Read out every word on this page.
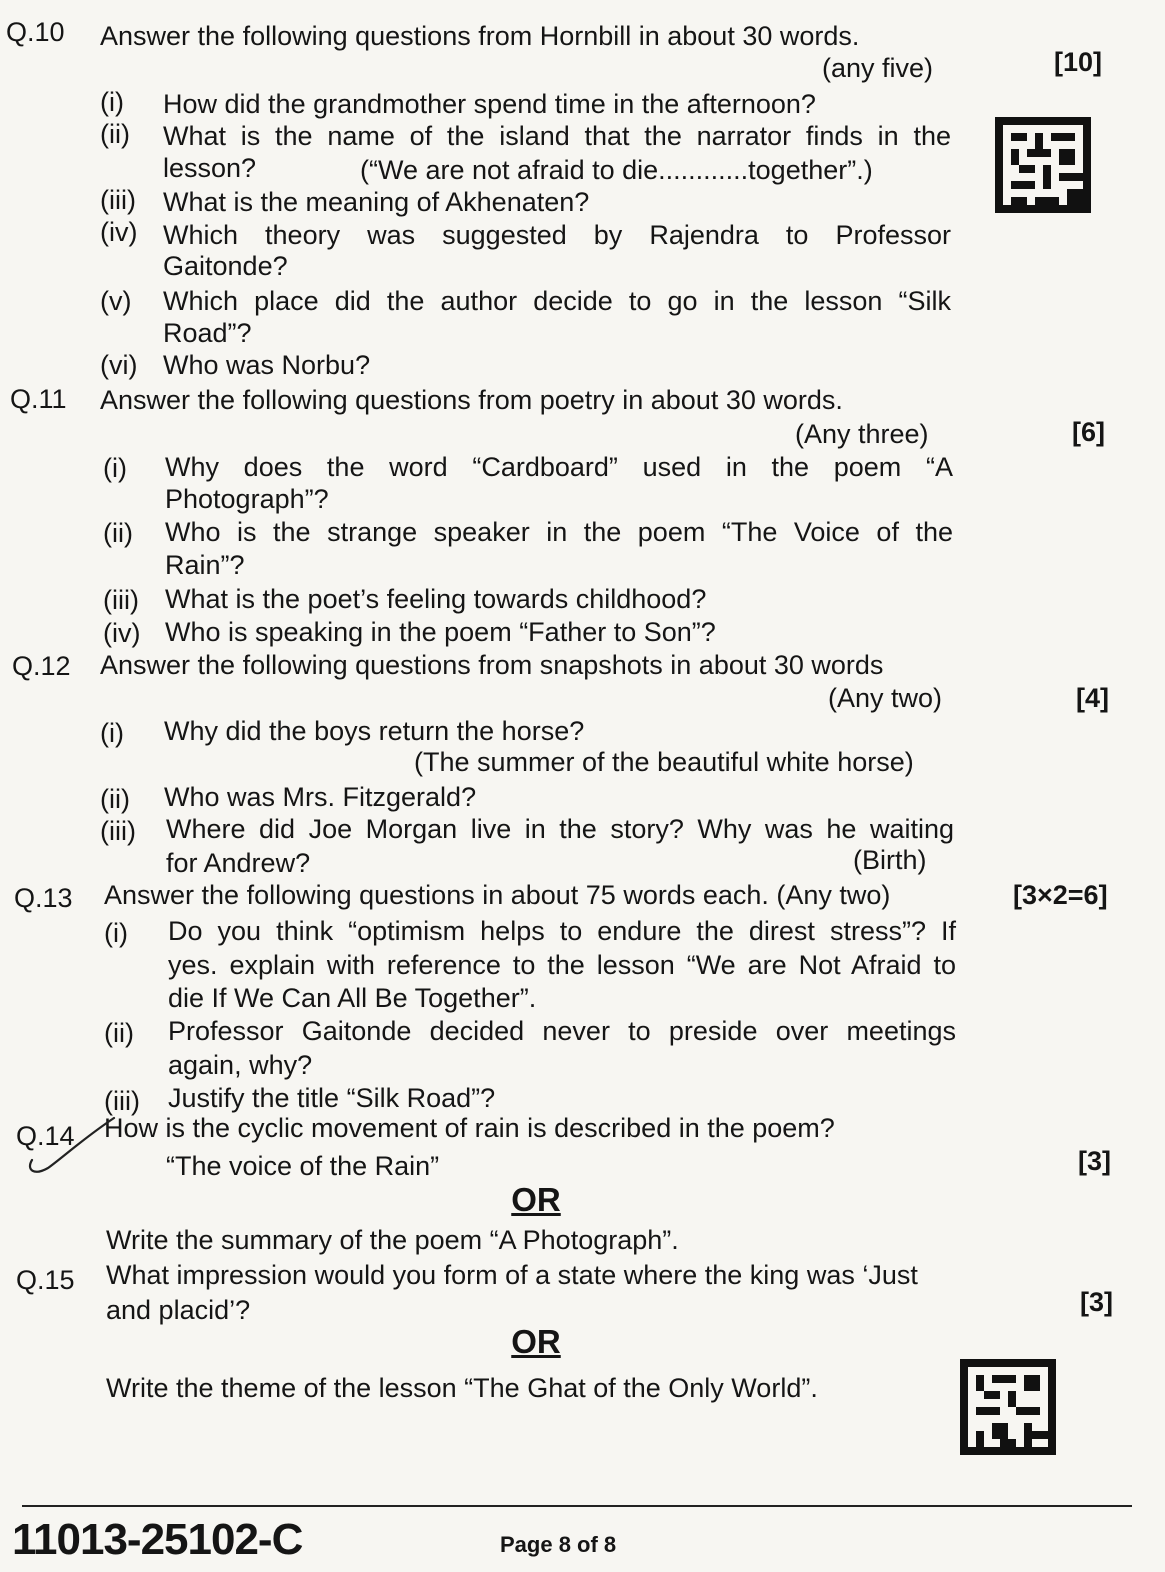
Q.10 Answer the following questions from Hornbill in about 30 words.
(any five)	[10]
(i) How did the grandmother spend time in the afternoon?
(ii) What is the name of the island that the narrator finds in the
lesson?	(“We are not afraid to die............together”.)
(iii) What is the meaning of Akhenaten?
(iv) Which theory was suggested by Rajendra to Professor
Gaitonde?
(v) Which place did the author decide to go in the lesson “Silk
Road”?
(vi) Who was Norbu?
Q.11 Answer the following questions from poetry in about 30 words.
(Any three)	[6]
(i) Why does the word “Cardboard” used in the poem “A
Photograph”?
(ii) Who is the strange speaker in the poem “The Voice of the
Rain”?
(iii) What is the poet’s feeling towards childhood?
(iv) Who is speaking in the poem “Father to Son”?
Q.12 Answer the following questions from snapshots in about 30 words
(Any two)	[4]
(i) Why did the boys return the horse?
(The summer of the beautiful white horse)
(ii) Who was Mrs. Fitzgerald?
(iii) Where did Joe Morgan live in the story? Why was he waiting
for Andrew?	(Birth)
Q.13 Answer the following questions in about 75 words each. (Any two)	[3×2=6]
(i) Do you think “optimism helps to endure the direst stress”? If
yes. explain with reference to the lesson “We are Not Afraid to
die If We Can All Be Together”.
(ii) Professor Gaitonde decided never to preside over meetings
again, why?
(iii) Justify the title “Silk Road”?
Q.14 How is the cyclic movement of rain is described in the poem?
“The voice of the Rain”	[3]
OR
Write the summary of the poem “A Photograph”.
Q.15 What impression would you form of a state where the king was ‘Just
and placid’?	[3]
OR
Write the theme of the lesson “The Ghat of the Only World”.
11013-25102-C	Page 8 of 8
